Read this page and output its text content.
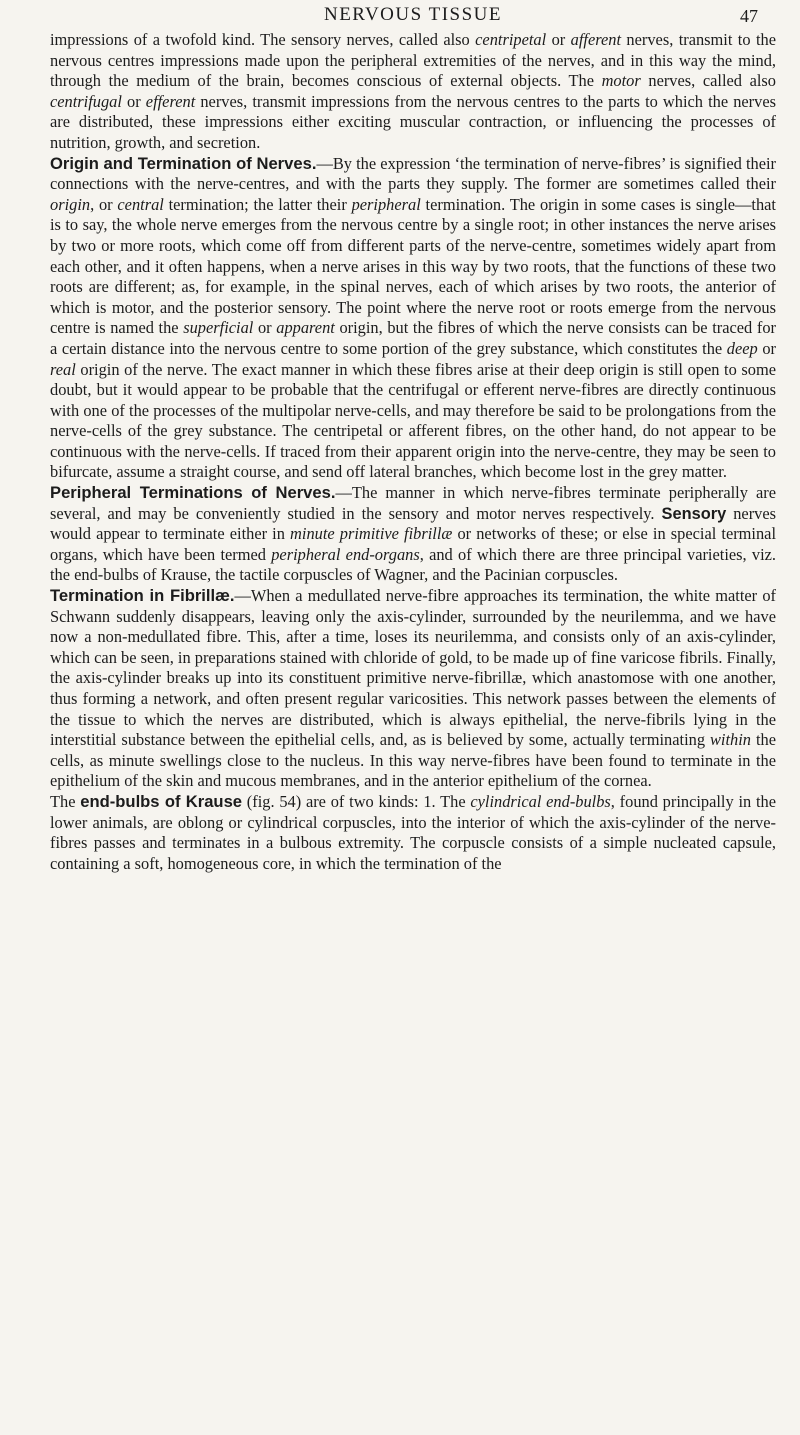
NERVOUS TISSUE	47

impressions of a twofold kind. The sensory nerves, called also centripetal or afferent nerves, transmit to the nervous centres impressions made upon the peripheral extremities of the nerves, and in this way the mind, through the medium of the brain, becomes conscious of external objects. The motor nerves, called also centrifugal or efferent nerves, transmit impressions from the nervous centres to the parts to which the nerves are distributed, these impressions either exciting muscular contraction, or influencing the processes of nutrition, growth, and secretion.

Origin and Termination of Nerves.—By the expression ‘the termination of nerve-fibres’ is signified their connections with the nerve-centres, and with the parts they supply. The former are sometimes called their origin, or central termination; the latter their peripheral termination. The origin in some cases is single—that is to say, the whole nerve emerges from the nervous centre by a single root; in other instances the nerve arises by two or more roots, which come off from different parts of the nerve-centre, sometimes widely apart from each other, and it often happens, when a nerve arises in this way by two roots, that the functions of these two roots are different; as, for example, in the spinal nerves, each of which arises by two roots, the anterior of which is motor, and the posterior sensory. The point where the nerve root or roots emerge from the nervous centre is named the superficial or apparent origin, but the fibres of which the nerve consists can be traced for a certain distance into the nervous centre to some portion of the grey substance, which constitutes the deep or real origin of the nerve. The exact manner in which these fibres arise at their deep origin is still open to some doubt, but it would appear to be probable that the centrifugal or efferent nerve-fibres are directly continuous with one of the processes of the multipolar nerve-cells, and may therefore be said to be prolongations from the nerve-cells of the grey substance. The centripetal or afferent fibres, on the other hand, do not appear to be continuous with the nerve-cells. If traced from their apparent origin into the nerve-centre, they may be seen to bifurcate, assume a straight course, and send off lateral branches, which become lost in the grey matter.

Peripheral Terminations of Nerves.—The manner in which nerve-fibres terminate peripherally are several, and may be conveniently studied in the sensory and motor nerves respectively. Sensory nerves would appear to terminate either in minute primitive fibrillæ or networks of these; or else in special terminal organs, which have been termed peripheral end-organs, and of which there are three principal varieties, viz. the end-bulbs of Krause, the tactile corpuscles of Wagner, and the Pacinian corpuscles.

Termination in Fibrillæ.—When a medullated nerve-fibre approaches its termination, the white matter of Schwann suddenly disappears, leaving only the axis-cylinder, surrounded by the neurilemma, and we have now a non-medullated fibre. This, after a time, loses its neurilemma, and consists only of an axis-cylinder, which can be seen, in preparations stained with chloride of gold, to be made up of fine varicose fibrils. Finally, the axis-cylinder breaks up into its constituent primitive nerve-fibrillæ, which anastomose with one another, thus forming a network, and often present regular varicosities. This network passes between the elements of the tissue to which the nerves are distributed, which is always epithelial, the nerve-fibrils lying in the interstitial substance between the epithelial cells, and, as is believed by some, actually terminating within the cells, as minute swellings close to the nucleus. In this way nerve-fibres have been found to terminate in the epithelium of the skin and mucous membranes, and in the anterior epithelium of the cornea.

The end-bulbs of Krause (fig. 54) are of two kinds: 1. The cylindrical end-bulbs, found principally in the lower animals, are oblong or cylindrical corpuscles, into the interior of which the axis-cylinder of the nerve-fibres passes and terminates in a bulbous extremity. The corpuscle consists of a simple nucleated capsule, containing a soft, homogeneous core, in which the termination of the
